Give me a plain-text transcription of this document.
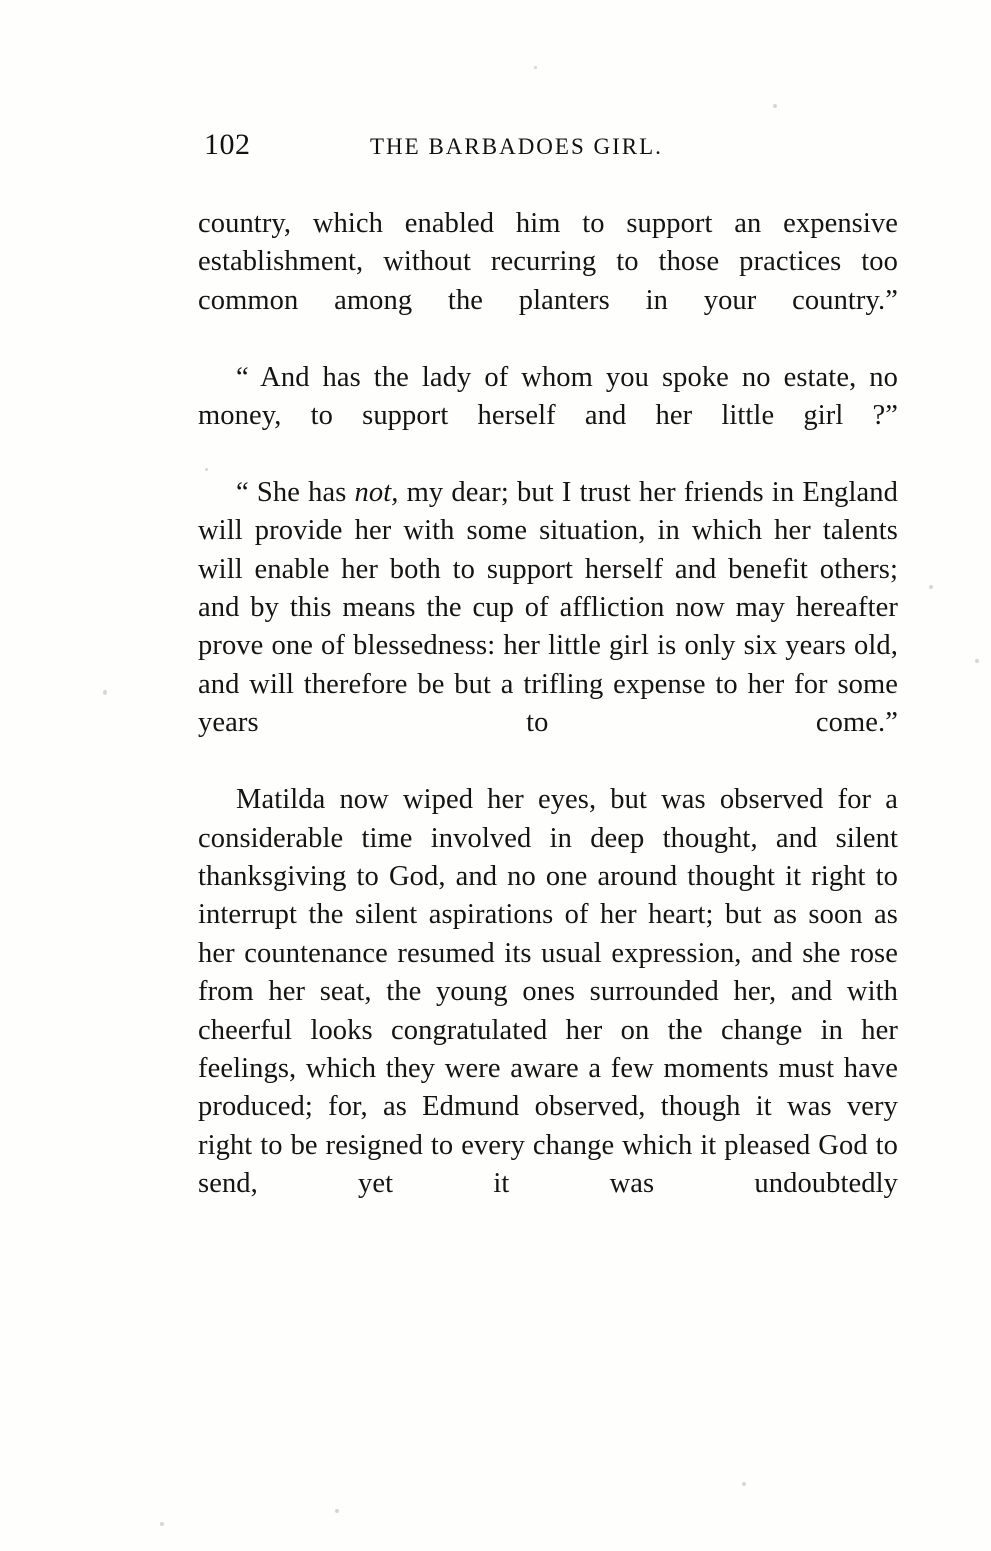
102	THE BARBADOES GIRL.

country, which enabled him to support an expensive establishment, without recurring to those practices too common among the planters in your country.”

“ And has the lady of whom you spoke no estate, no money, to support herself and her little girl ?”

“ She has not, my dear; but I trust her friends in England will provide her with some situation, in which her talents will enable her both to support herself and benefit others; and by this means the cup of affliction now may hereafter prove one of blessedness: her little girl is only six years old, and will therefore be but a trifling expense to her for some years to come.”

Matilda now wiped her eyes, but was observed for a considerable time involved in deep thought, and silent thanksgiving to God, and no one around thought it right to interrupt the silent aspirations of her heart; but as soon as her countenance resumed its usual expression, and she rose from her seat, the young ones surrounded her, and with cheerful looks congratulated her on the change in her feelings, which they were aware a few moments must have produced; for, as Edmund observed, though it was very right to be resigned to every change which it pleased God to send, yet it was undoubtedly
